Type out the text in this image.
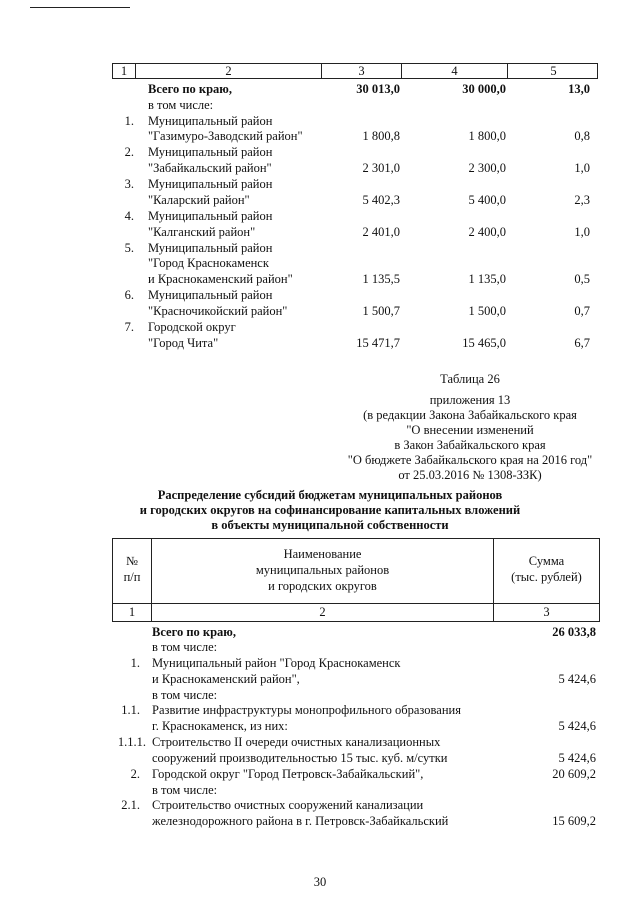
1	2	3	4	5
Всего по краю,	30 013,0	30 000,0	13,0
в том числе:
1. Муниципальный район
"Газимуро-Заводский район"	1 800,8	1 800,0	0,8
2. Муниципальный район
"Забайкальский район"	2 301,0	2 300,0	1,0
3. Муниципальный район
"Каларский район"	5 402,3	5 400,0	2,3
4. Муниципальный район
"Калганский район"	2 401,0	2 400,0	1,0
5. Муниципальный район
"Город Краснокаменск
и Краснокаменский район"	1 135,5	1 135,0	0,5
6. Муниципальный район
"Красночикойский район"	1 500,7	1 500,0	0,7
7. Городской округ
"Город Чита"	15 471,7	15 465,0	6,7
Таблица 26
приложения 13
(в редакции Закона Забайкальского края
"О внесении изменений
в Закон Забайкальского края
"О бюджете Забайкальского края на 2016 год"
от 25.03.2016 № 1308-ЗЗК)
Распределение субсидий бюджетам муниципальных районов
и городских округов на софинансирование капитальных вложений
в объекты муниципальной собственности
№
п/п
Наименование
муниципальных районов
и городских округов
Сумма
(тыс. рублей)
1	2	3
Всего по краю,	26 033,8
в том числе:
1. Муниципальный район "Город Краснокаменск
и Краснокаменский район",
в том числе:
5 424,6
1.1. Развитие инфраструктуры монопрофильного образования
г. Краснокаменск, из них:	5 424,6
1.1.1. Строительство II очереди очистных канализационных
сооружений производительностью 15 тыс. куб. м/сутки	5 424,6
2. Городской округ "Город Петровск-Забайкальский",
в том числе:
20 609,2
2.1. Строительство очистных сооружений канализации
железнодорожного района в г. Петровск-Забайкальский	15 609,2
30
